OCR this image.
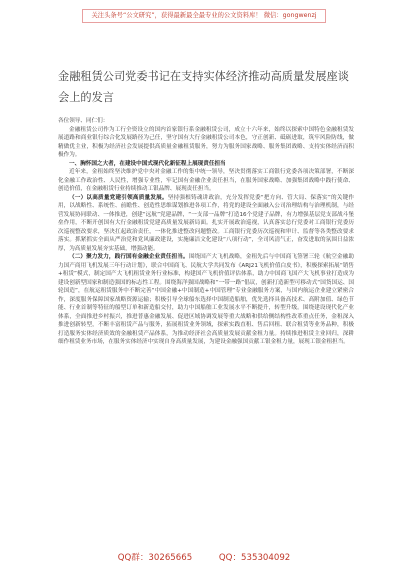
关注头条号“公文研究”，获得最新最全最专业的公文资料库！ 微信：gongwenzj
金融租赁公司党委书记在支持实体经济推动高质量发展座谈会上的发言

各位领导、同仁们：

金融租赁公司作为工行全资设立的国内首家银行系金融租赁公司，成立十六年来，始终以探索中国特色金融租赁发展道路和商业银行综合化发展路径为己任，坚守国有大行金融租赁公司本色，守正创新、砥砺进取，筑牢风险防线，做精做优主业，积极为经济社会发展提供高质量金融租赁服务，努力为服务国家战略、服务集团战略、支持实体经济而积极作为。

一、胸怀国之大者，在建设中国式现代化新征程上展现责任担当

近年来，金租始终坚决维护党中央对金融工作的集中统一领导，坚决贯彻落实工商银行党委各项决策部署，不断深化金融工作政治性、人民性，增强专业性，牢记国有金融企业责任担当，在服务国家战略、加强集团战略中践行使命、创造价值，在金融租赁行业持续推动工银品牌、展现责任担当。

（一）以高质量党建引领高质量发展。坚持强根铸魂讲政治，充分发挥党委“把方向、管大局、保落实”的关键作用，以战略性、系统性、前瞻性、创造性思维谋划推进各项工作，将党的建设全面融入公司治理结构与治理机制，与经营发展协同联动、一体推进，创建“远航”党建品牌，“一支部一品牌”打造16个党建子品牌，有力增强基层党支部战斗堡垒作用，不断开创国有大行金融租赁党建高质量发展新局面。扎实开展政治巡视，认真落实总行党委对工商银行党委历次巡视整改要求，坚决扛起政治责任，一体化推进整改问题整改。工商银行党委历次巡视和审计、监督等各类整改要求落实。抓紧抓实全面从严治党和党风廉政建设，实施廉洁文化建设“八项行动”，全司风清气正，奋发进取的氛围日益浓厚，为高质量发展夯实基础，增强动能。

（二）聚力发力，践行国有金融企业责任担当。围绕国产大飞机战略，金租先后与中国商飞签署三轮《航空金融助力国产商用飞机发展三年行动计划》，联合中国商飞、民航大学共同发布《ARJ21飞机价值白皮书》，积极探索拓展“销售+租赁”模式，制定国产大飞机租赁业务行业标准，构建国产飞机价值评估体系，助力中国商飞国产大飞机事业打造成为建设创新型国家和制造强国的标志性工程。围绕海洋强国战略和“一带一路”倡议，创新打造新型可移动式“国货国运、国轮国造”，在航运租赁服务中不断完善“中国金融+中国制造+中国管理”专业金融服务方案，与国内航运企业建立紧密合作，深度服务保障国家战略资源运输；积极引导全球船东选择中国制造船舶，优先选择具备高技术、高附加值、绿色节能、行业首制等特征的船型订单和新造船交付，助力中国船舶工业发展水平不断提升，转型升级。围绕建设现代化产业体系，全面推进乡村振兴，推进普惠金融发展、促进区域协调发展等重大战略和供给侧结构性改革重点任务，金租深入推进创新转型，不断丰富租赁产品与服务，拓展租赁业务领域，探索实践直租、售后回租、联合租赁等业务品种，积极打造服务实体经济质效的金融租赁产品体系，为推动经济社会高质量发展贡献金租力量。持续推进租赁主业回归，深耕细作租赁业务市场，在服务实体经济中实现自身高质量发展，为建设金融强国贡献工银金租力量，展现工银金租担当。

QQ群：30265665	QQ：535304092
